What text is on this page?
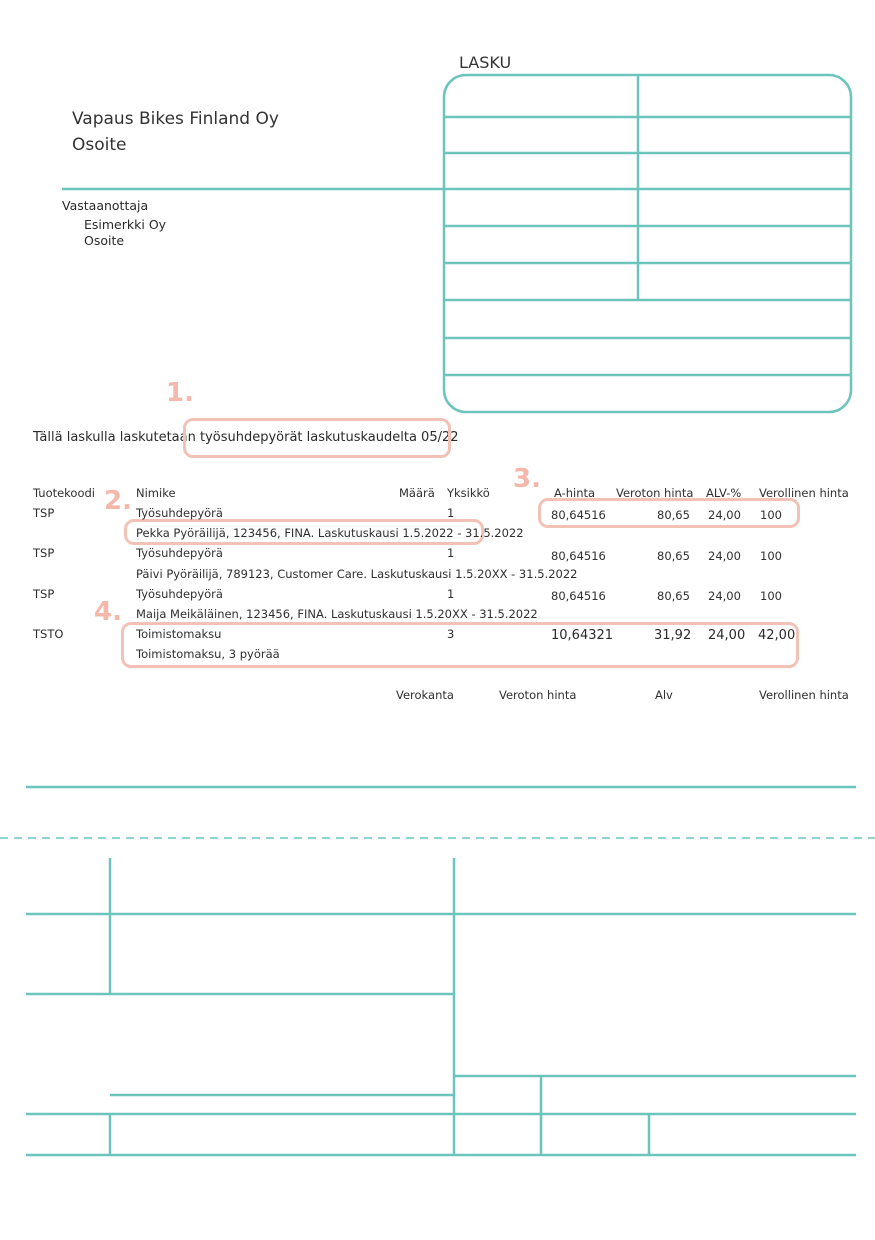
LASKU
Vapaus Bikes Finland Oy
Osoite
Vastaanottaja
Esimerkki Oy
Osoite
1.
2.
3.
4.
Tällä laskulla laskutetaan työsuhdepyörät laskutuskaudelta 05/22
Tuotekoodi	Nimike	Määrä Yksikkö	A-hinta Veroton hinta ALV-% Verollinen hinta
TSP	Työsuhdepyörä	1	80,64516	80,65 24,00 100
Pekka Pyöräilijä, 123456, FINA. Laskutuskausi 1.5.2022 - 31.5.2022
TSP	Työsuhdepyörä	1	80,64516	80,65 24,00 100
Päivi Pyöräilijä, 789123, Customer Care. Laskutuskausi 1.5.20XX - 31.5.2022
TSP	Työsuhdepyörä	1	80,64516	80,65 24,00 100
Maija Meikäläinen, 123456, FINA. Laskutuskausi 1.5.20XX - 31.5.2022
TSTO	Toimistomaksu	3	10,64321	31,92 24,00 42,00
Toimistomaksu, 3 pyörää
Verokanta	Veroton hinta	Alv	Verollinen hinta
